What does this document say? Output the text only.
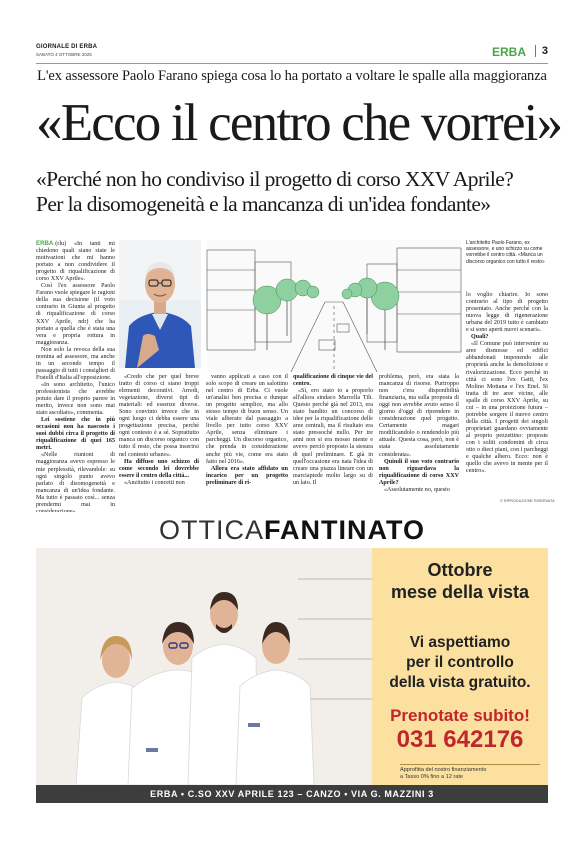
GIORNALE DI ERBA
SABATO 4 OTTOBRE 2025	ERBA	3
L'ex assessore Paolo Farano spiega cosa lo ha portato a voltare le spalle alla maggioranza
«Ecco il centro che vorrei»
«Perché non ho condiviso il progetto di corso XXV Aprile?
Per la disomogeneità e la mancanza di un'idea fondante»
L'architetto Paolo Farano, ex assessore, e uno schizzo su come vorrebbe il centro città. «Manca un discorso organico con tutto il resto»

ERBA (rlu) «In tanti mi chiedono quali siano state le motivazioni che mi hanno portato a non condividere il progetto di riqualificazione di corso XXV Aprile».

Così l'ex assessore Paolo Farano vuole spiegare le ragioni della sua decisione (il voto contrario in Giunta al progetto di riqualificazione di corso XXV Aprile, ndr) che ha portato a quella che è stata una vera e propria rottura in maggioranza.

Non solo la revoca della sua nomina ad assessore, ma anche in un secondo tempo il passaggio di tutti i consiglieri di Fratelli d'Italia all'opposizione.

«In sono architetto, l'unico professionista che avrebbe potuto dare il proprio parere in merito, invece non sono mai stato ascoltato», commenta.

Lei sostiene che in più occasioni non ha nascosto i suoi dubbi circa il progetto di riqualificazione di quei 165 metri.

«Nelle riunioni di maggioranza avevo espresso le mie perplessità, rilevandole: su ogni singolo punto avevo parlato di disomogeneità e mancanza di un'idea fondante. Ma tutto è passato così... senza prendermi mai in

«Credo che per quel breve tratto di corso ci siano troppi elementi decorativi. Arredi, vegetazione, diversi tipi di materiali: ed essenze diverse. Sono convinto invece che in ogni luogo ci debba essere una progettazione precisa, perché ogni contesto è a sé. Soprattutto manca un discorso organico con tutto il resto, che possa inserirsi nel contesto urbano».

Ha diffuso uno schizzo di come secondo lei dovrebbe essere il centro della città...

«Anzitutto i concetti non

vanno applicati a caso con il solo scopo di creare un salottino nel centro di Erba. Ci vuole un'analisi ben precisa e dunque un progetto semplice, ma allo stesso tempo di buon senso. Un viale alberato dal passaggio a livello per tutto corso XXV Aprile, senza eliminare i parcheggi. Un discorso organico, che prenda in considerazione anche più vie, come era stato fatto nel 2016».

Allora era stato affidato un incarico per un progetto preliminare di ri-

qualificazione di cinque vie del centro.

«Sì, ero stato io a proporlo all'allora sindaco Marcella Tili. Questo perché già nel 2013, era stato bandito un concorso di idee per la riqualificazione delle aree centrali, ma il risultato era stato pressoché nullo. Per tre anni non si era mosso niente e avevo perciò proposto la stesura di quel preliminare. E già in quell'occasione era nata l'idea di creare una piazza lineare con un marciapiede molto largo su di un lato. Il

problema, però, era stata la mancanza di risorse. Purtroppo non c'era disponibilità finanziaria, ma sulla proposta di oggi non avrebbe avuto senso il giorno d'oggi di riprendere in considerazione quel progetto. Certamente magari modificandolo o rendendolo più attuale. Questa cosa, però, non è stata assolutamente considerata».

Quindi il suo voto contrario non riguardava la riqualificazione di corso XXV Aprile?

«Assolutamente no, questo

lo voglio chiarire. Io sono contrario al tipo di progetto presentato. Anche perché con la nuova legge di rigenerazione urbana del 2019 tutto è cambiato e si sono aperti nuovi scenari».

Quali?

«Il Comune può intervenire su aree dismesse ed edifici abbandonati imponendo alle proprietà anche la demolizione e rivalorizzazione. Ecco perché in città ci sono l'ex Gatti, l'ex Molino Mottana e l'ex Enel. Si tratta di tre aree vicine, alle spalle di corso XXV Aprile, su cui – in una proiezione futura – potrebbe sorgere il nuovo centro della città. I progetti dei singoli proprietari guardano ovviamente al proprio pezzettino: proposte con i soliti condomini di circa otto o dieci piani, con i parcheggi e qualche albero. Ecco: non è quello che avevo in mente per il centro».

© RIPRODUZIONE RISERVATA
OTTICAFANTINATO
Ottobre
mese della vista
Vi aspettiamo
per il controllo
della vista gratuito.
Prenotate subito!
031 642176
Approfitta del nostro finanziamento
a Tasso 0% fino a 12 rate
ERBA • C.SO XXV APRILE 123 – CANZO • VIA G. MAZZINI 3
